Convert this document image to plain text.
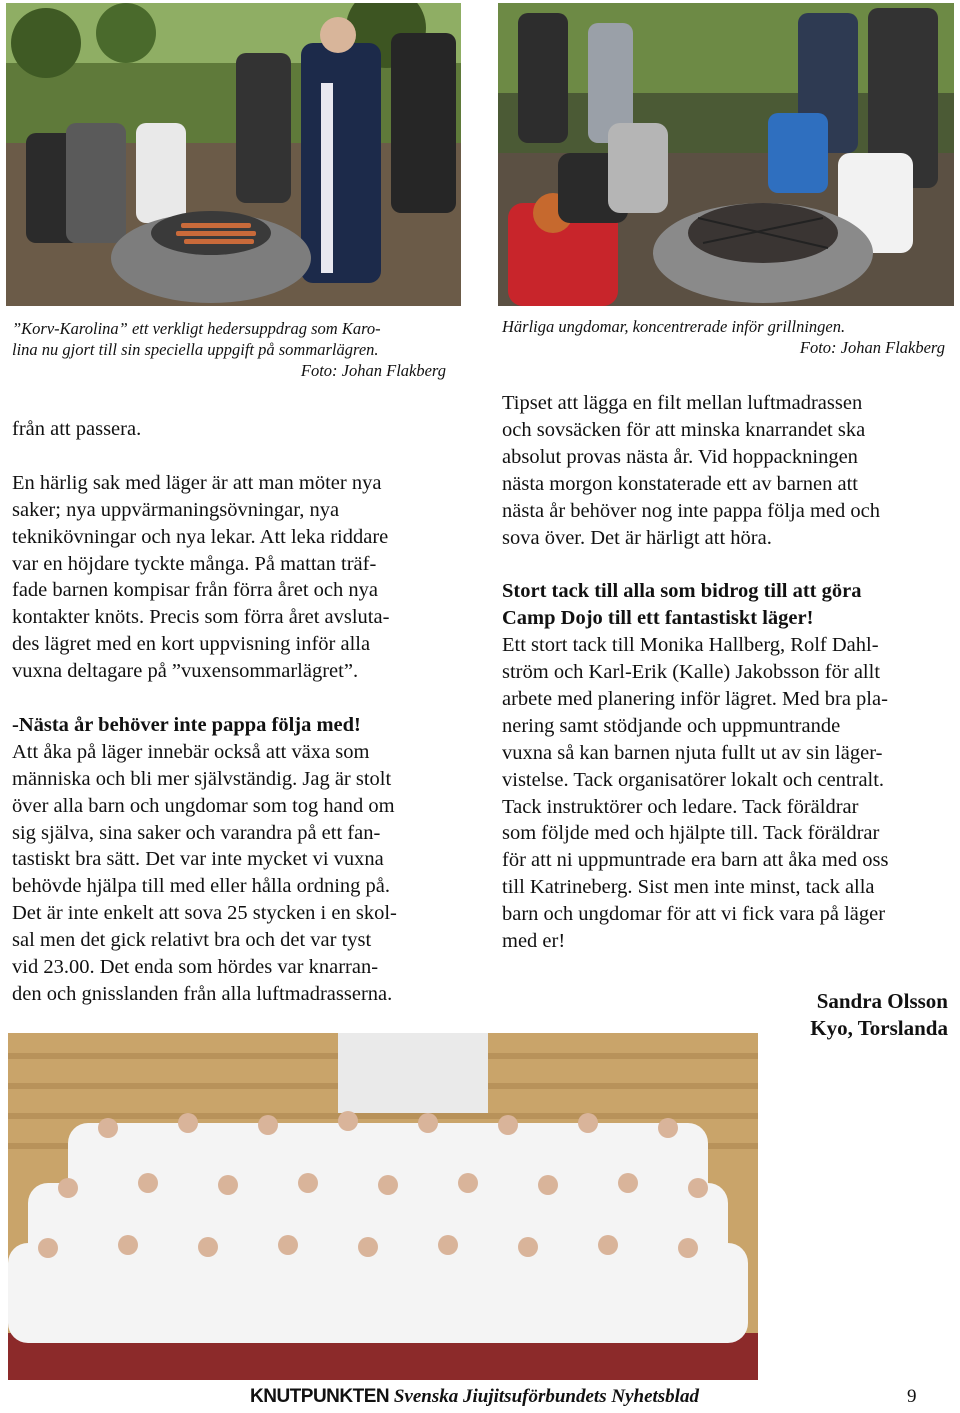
”Korv-Karolina” ett verkligt hedersuppdrag som Karo-
lina nu gjort till sin speciella uppgift på sommarlägren.
Foto: Johan Flakberg
Härliga ungdomar, koncentrerade inför grillningen.
Foto: Johan Flakberg

från att passera.

En härlig sak med läger är att man möter nya
saker; nya uppvärmaningsövningar, nya
teknikövningar och nya lekar. Att leka riddare
var en höjdare tyckte många. På mattan träf-
fade barnen kompisar från förra året och nya
kontakter knöts. Precis som förra året avsluta-
des lägret med en kort uppvisning inför alla
vuxna deltagare på ”vuxensommarlägret”.

-Nästa år behöver inte pappa följa med!

Att åka på läger innebär också att växa som
människa och bli mer självständig. Jag är stolt
över alla barn och ungdomar som tog hand om
sig själva, sina saker och varandra på ett fan-
tastiskt bra sätt. Det var inte mycket vi vuxna
behövde hjälpa till med eller hålla ordning på.
Det är inte enkelt att sova 25 stycken i en skol-
sal men det gick relativt bra och det var tyst
vid 23.00. Det enda som hördes var knarran-
den och gnisslanden från alla luftmadrasserna.

Tipset att lägga en filt mellan luftmadrassen
och sovsäcken för att minska knarrandet ska
absolut provas nästa år. Vid hoppackningen
nästa morgon konstaterade ett av barnen att
nästa år behöver nog inte pappa följa med och
sova över. Det är härligt att höra.

Stort tack till alla som bidrog till att göra
Camp Dojo till ett fantastiskt läger!

Ett stort tack till Monika Hallberg, Rolf Dahl-
ström och Karl-Erik (Kalle) Jakobsson för allt
arbete med planering inför lägret. Med bra pla-
nering samt stödjande och uppmuntrande
vuxna så kan barnen njuta fullt ut av sin läger-
vistelse. Tack organisatörer lokalt och centralt.
Tack instruktörer och ledare. Tack föräldrar
som följde med och hjälpte till. Tack föräldrar
för att ni uppmuntrade era barn att åka med oss
till Katrineberg. Sist men inte minst, tack alla
barn och ungdomar för att vi fick vara på läger
med er!

Sandra Olsson
Kyo, Torslanda
KNUTPUNKTEN Svenska Jiujitsuförbundets Nyhetsblad	9
